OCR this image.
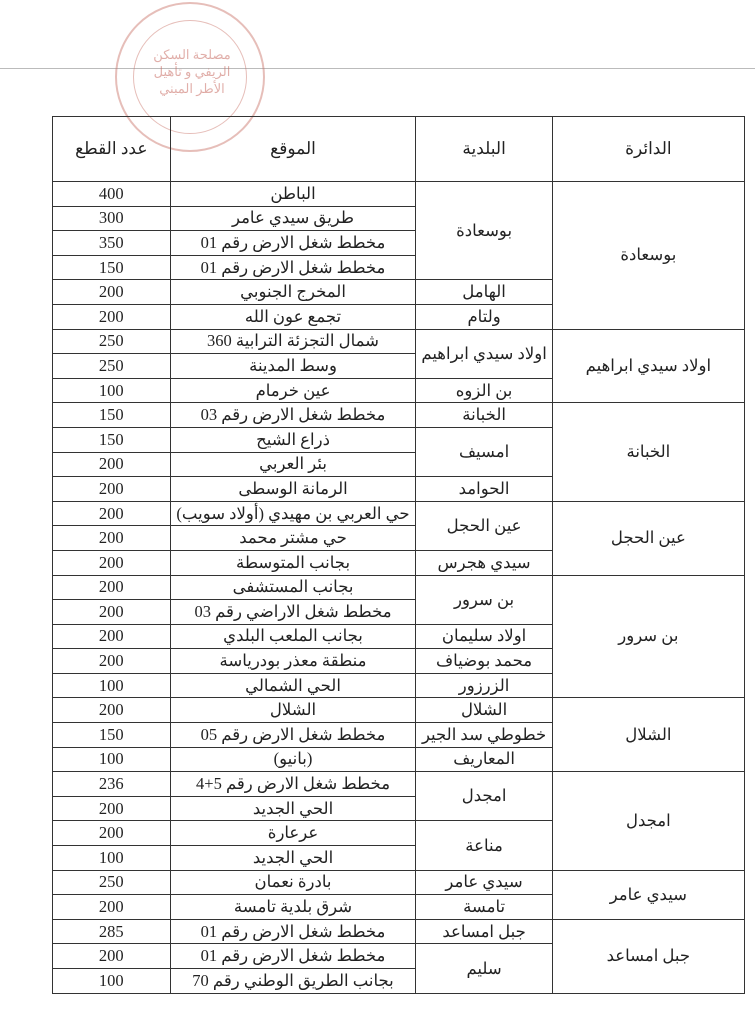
مصلحة السكن الريفي و تأهيل الأطر المبني
الدائرة	البلدية	الموقع	عدد القطع
بوسعادة	بوسعادة	الباطن	400
		طريق سيدي عامر	300
		مخطط شغل الارض رقم 01	350
		مخطط شغل الارض رقم 01	150
	الهامل	المخرج الجنوبي	200
	ولتام	تجمع عون الله	200
اولاد سيدي ابراهيم	اولاد سيدي ابراهيم	شمال التجزئة الترابية 360	250
		وسط المدينة	250
	بن الزوه	عين خرمام	100
الخبانة	الخبانة	مخطط شغل الارض رقم 03	150
	امسيف	ذراع الشيح	150
		بئر العربي	200
	الحوامد	الرمانة الوسطى	200
عين الحجل	عين الحجل	حي العربي بن مهيدي (أولاد سويب)	200
		حي مشتر محمد	200
	سيدي هجرس	بجانب المتوسطة	200
بن سرور	بن سرور	بجانب المستشفى	200
		مخطط شغل الاراضي رقم 03	200
	اولاد سليمان	بجانب الملعب البلدي	200
	محمد بوضياف	منطقة معذر بودرياسة	200
	الزرزور	الحي الشمالي	100
الشلال	الشلال	الشلال	200
	خطوطي سد الجير	مخطط شغل الارض رقم 05	150
	المعاريف	(بانيو)	100
امجدل	امجدل	مخطط شغل الارض رقم 5+4	236
		الحي الجديد	200
	مناعة	عرعارة	200
		الحي الجديد	100
سيدي عامر	سيدي عامر	بادرة نعمان	250
	تامسة	شرق بلدية تامسة	200
جبل امساعد	جبل امساعد	مخطط شغل الارض رقم 01	285
	سليم	مخطط شغل الارض رقم 01	200
		بجانب الطريق الوطني رقم 70	100
